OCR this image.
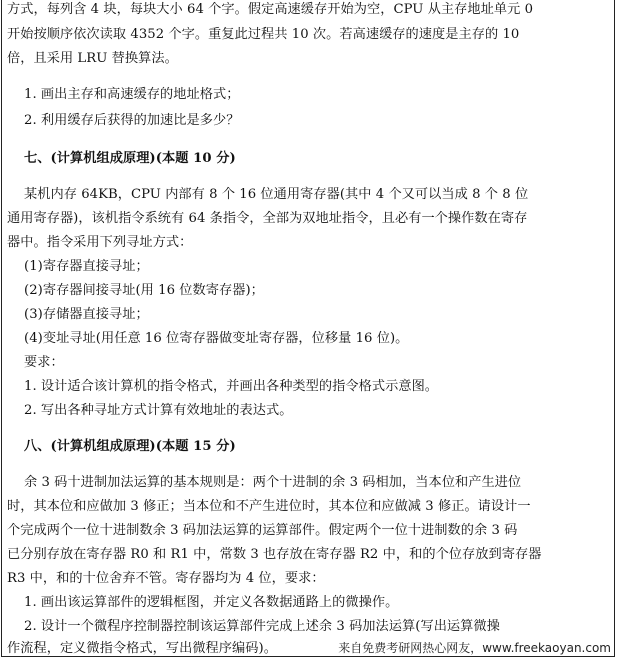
方式，每列含 4 块，每块大小 64 个字。假定高速缓存开始为空，CPU 从主存地址单元 0
开始按顺序依次读取 4352 个字。重复此过程共 10 次。若高速缓存的速度是主存的 10
倍，且采用 LRU 替换算法。
1. 画出主存和高速缓存的地址格式；
2. 利用缓存后获得的加速比是多少？
七、(计算机组成原理)(本题 10 分)
某机内存 64KB，CPU 内部有 8 个 16 位通用寄存器(其中 4 个又可以当成 8 个 8 位
通用寄存器)，该机指令系统有 64 条指令，全部为双地址指令，且必有一个操作数在寄存
器中。指令采用下列寻址方式：
(1)寄存器直接寻址；
(2)寄存器间接寻址(用 16 位数寄存器)；
(3)存储器直接寻址；
(4)变址寻址(用任意 16 位寄存器做变址寄存器，位移量 16 位)。
要求：
1. 设计适合该计算机的指令格式，并画出各种类型的指令格式示意图。
2. 写出各种寻址方式计算有效地址的表达式。
八、(计算机组成原理)(本题 15 分)
余 3 码十进制加法运算的基本规则是：两个十进制的余 3 码相加，当本位和产生进位
时，其本位和应做加 3 修正；当本位和不产生进位时，其本位和应做减 3 修正。请设计一
个完成两个一位十进制数余 3 码加法运算的运算部件。假定两个一位十进制数的余 3 码
已分别存放在寄存器 R0 和 R1 中，常数 3 也存放在寄存器 R2 中，和的个位存放到寄存器
R3 中，和的十位舍弃不管。寄存器均为 4 位，要求：
1. 画出该运算部件的逻辑框图，并定义各数据通路上的微操作。
2. 设计一个微程序控制器控制该运算部件完成上述余 3 码加法运算(写出运算微操
作流程，定义微指令格式，写出微程序编码)。	来自免费考研网热心网友，www.freekaoyan.com
